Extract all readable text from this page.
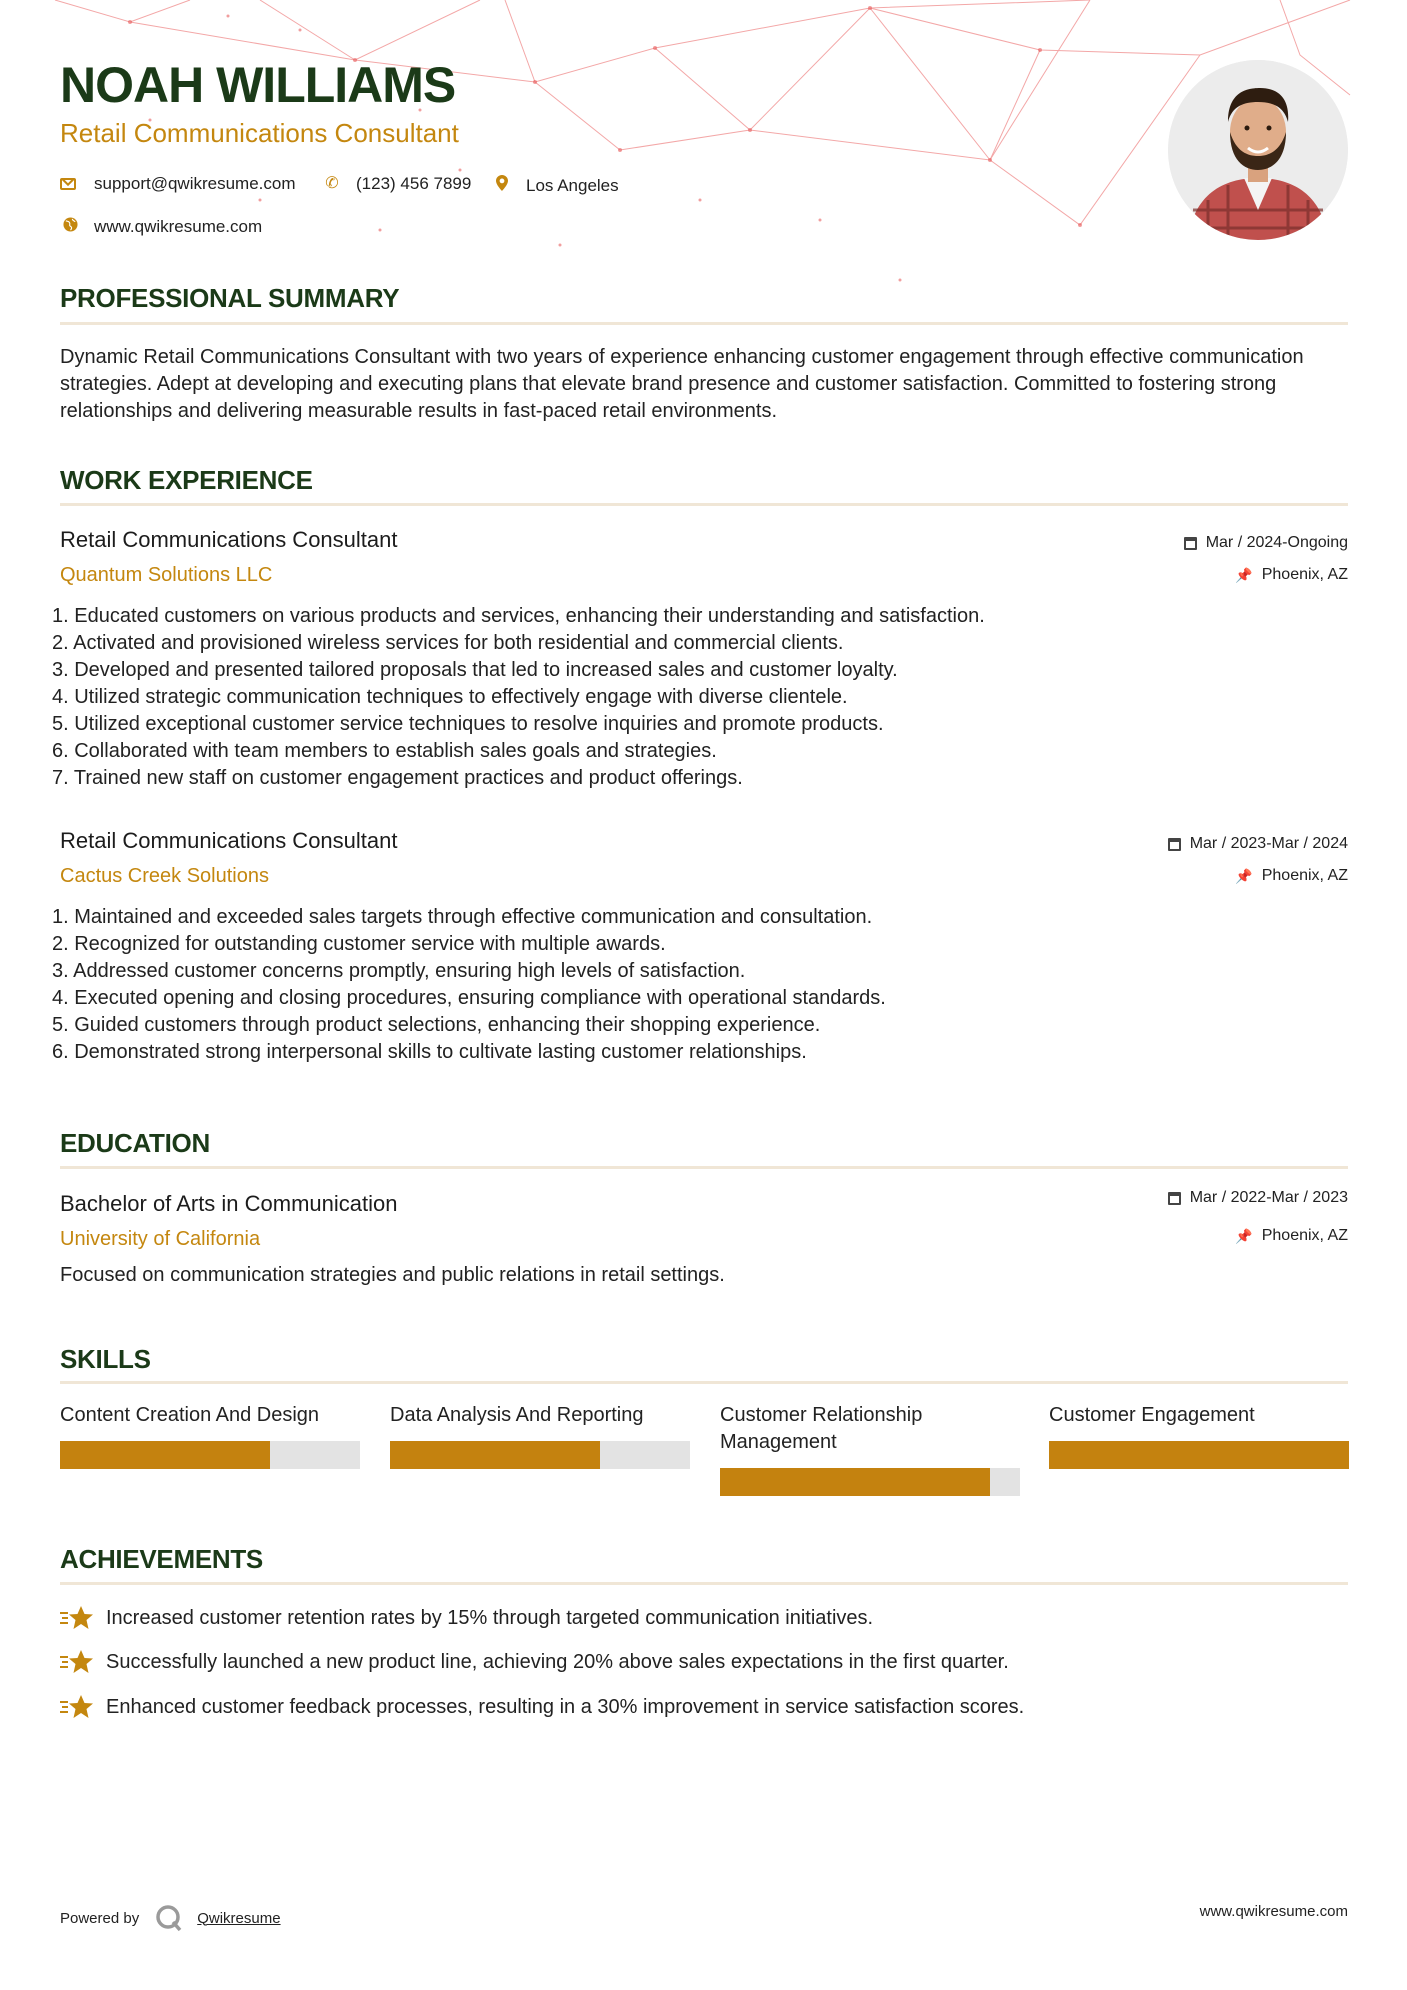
NOAH WILLIAMS
Retail Communications Consultant
support@qwikresume.com ✆ (123) 456 7899	Los Angeles
www.qwikresume.com
PROFESSIONAL SUMMARY
Dynamic Retail Communications Consultant with two years of experience enhancing customer engagement through effective communication strategies. Adept at developing and executing plans that elevate brand presence and customer satisfaction. Committed to fostering strong relationships and delivering measurable results in fast-paced retail environments.
WORK EXPERIENCE
Retail Communications Consultant
Quantum Solutions LLC
Mar / 2024-Ongoing
📌 Phoenix, AZ
1. Educated customers on various products and services, enhancing their understanding and satisfaction.
2. Activated and provisioned wireless services for both residential and commercial clients.
3. Developed and presented tailored proposals that led to increased sales and customer loyalty.
4. Utilized strategic communication techniques to effectively engage with diverse clientele.
5. Utilized exceptional customer service techniques to resolve inquiries and promote products.
6. Collaborated with team members to establish sales goals and strategies.
7. Trained new staff on customer engagement practices and product offerings.
Retail Communications Consultant
Cactus Creek Solutions
Mar / 2023-Mar / 2024
📌 Phoenix, AZ
1. Maintained and exceeded sales targets through effective communication and consultation.
2. Recognized for outstanding customer service with multiple awards.
3. Addressed customer concerns promptly, ensuring high levels of satisfaction.
4. Executed opening and closing procedures, ensuring compliance with operational standards.
5. Guided customers through product selections, enhancing their shopping experience.
6. Demonstrated strong interpersonal skills to cultivate lasting customer relationships.
EDUCATION
Bachelor of Arts in Communication
University of California
Mar / 2022-Mar / 2023
📌 Phoenix, AZ
Focused on communication strategies and public relations in retail settings.
SKILLS
Content Creation And Design	Data Analysis And Reporting	Customer Relationship Management
Customer Engagement
ACHIEVEMENTS
Increased customer retention rates by 15% through targeted communication initiatives.
Successfully launched a new product line, achieving 20% above sales expectations in the first quarter.
Enhanced customer feedback processes, resulting in a 30% improvement in service satisfaction scores.
Powered by	Qwikresume	www.qwikresume.com
